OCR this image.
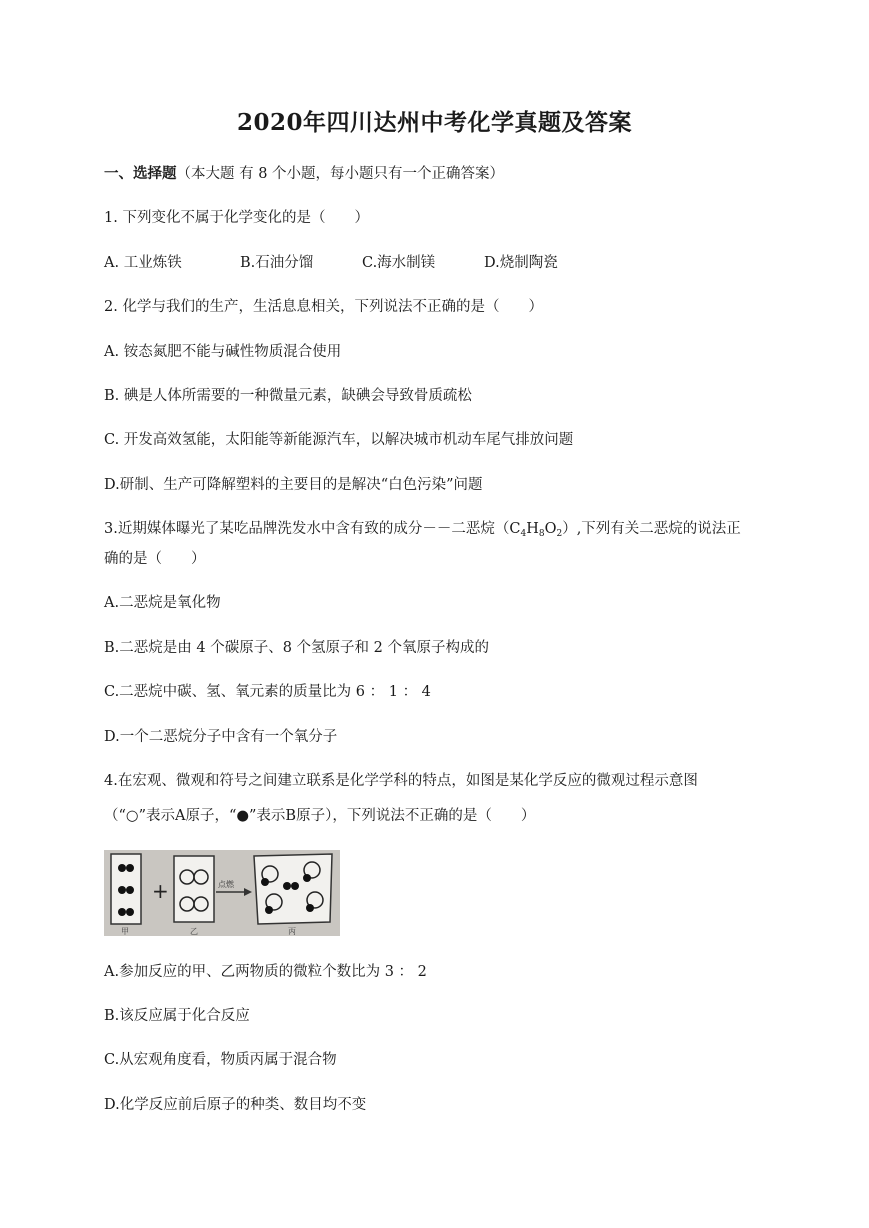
2020年四川达州中考化学真题及答案
一、选择题（本大题 有 8 个小题，每小题只有一个正确答案）
1. 下列变化不属于化学变化的是（　　）
A. 工业炼铁	B.石油分馏	C.海水制镁	D.烧制陶瓷
2. 化学与我们的生产，生活息息相关，下列说法不正确的是（　　）
A. 铵态氮肥不能与碱性物质混合使用
B. 碘是人体所需要的一种微量元素，缺碘会导致骨质疏松
C. 开发高效氢能，太阳能等新能源汽车，以解决城市机动车尾气排放问题
D.研制、生产可降解塑料的主要目的是解决“白色污染”问题
3.近期媒体曝光了某吃品牌洗发水中含有致的成分－－二恶烷$(C_4H_8O_2)$,下列有关二恶烷的说法正
确的是（　　）
A.二恶烷是氧化物
B.二恶烷是由 4 个碳原子、8 个氢原子和 2 个氧原子构成的
C.二恶烷中碳、氢、氧元素的质量比为 6 ： 1 ： 4
D.一个二恶烷分子中含有一个氧分子
4.在宏观、微观和符号之间建立联系是化学学科的特点，如图是某化学反应的微观过程示意图
（“○”表示A原子，“●”表示B原子），下列说法不正确的是（　　）
甲
+
乙
点燃
丙
A.参加反应的甲、乙两物质的微粒个数比为 3 ： 2
B.该反应属于化合反应
C.从宏观角度看，物质丙属于混合物
D.化学反应前后原子的种类、数目均不变
